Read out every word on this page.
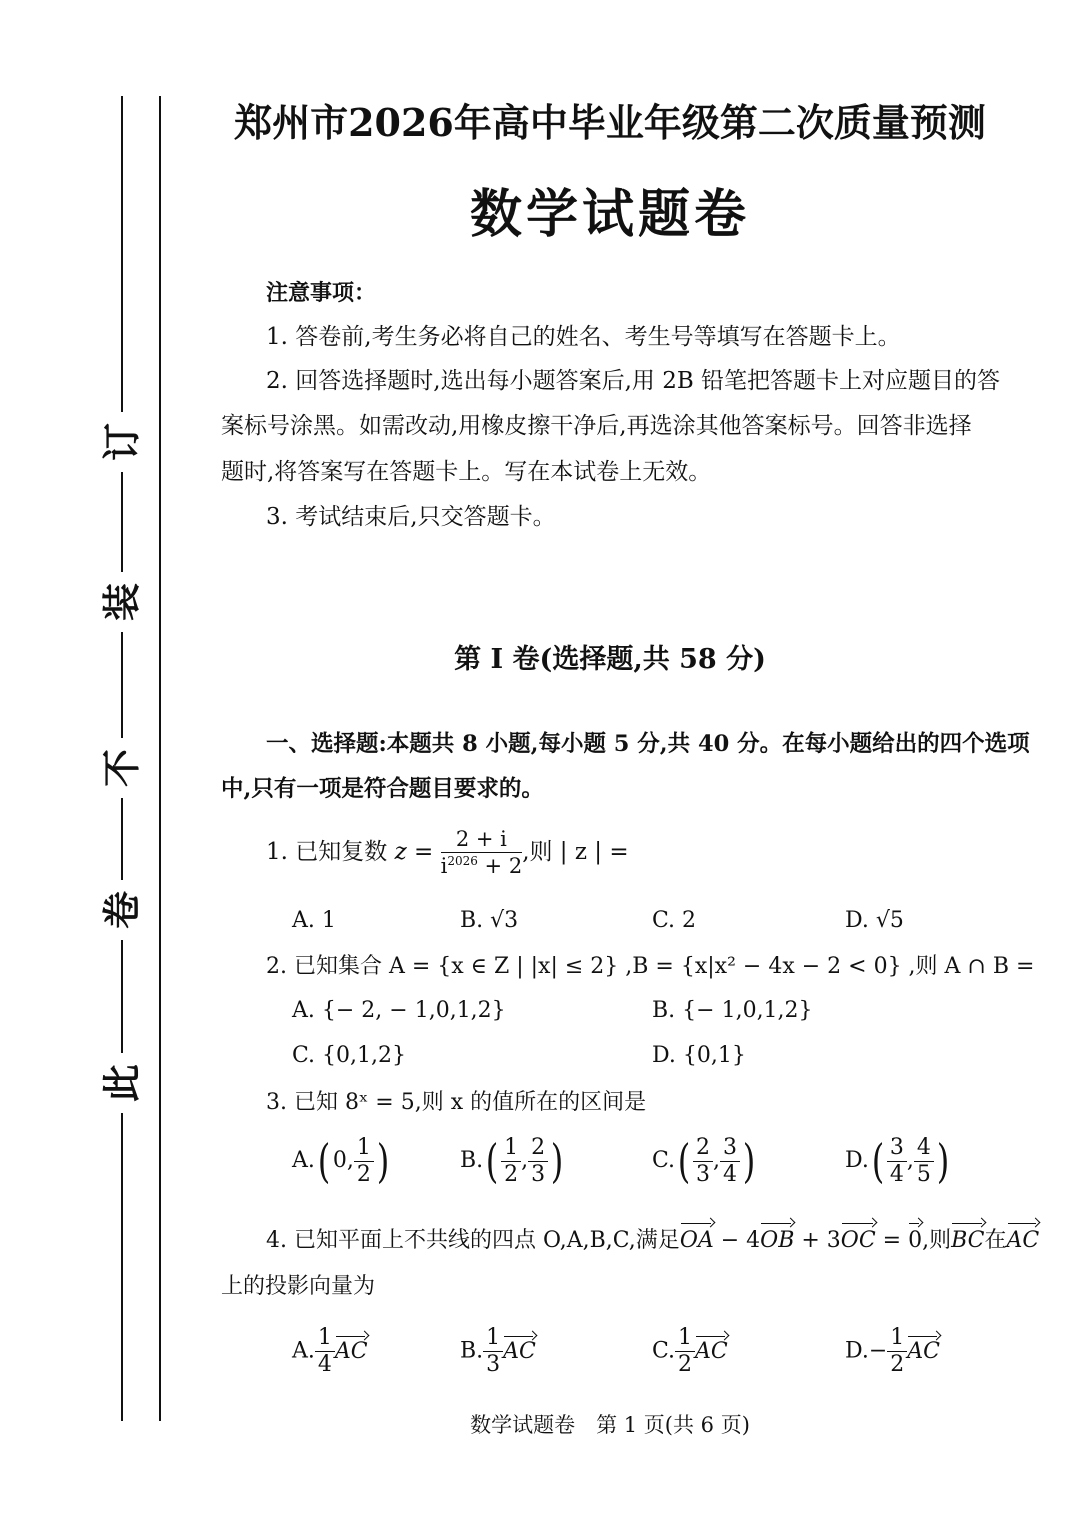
此
卷
不
装
订
郑州市2026年高中毕业年级第二次质量预测
数学试题卷
注意事项：
1. 答卷前,考生务必将自己的姓名、考生号等填写在答题卡上。
2. 回答选择题时,选出每小题答案后,用 2B 铅笔把答题卡上对应题目的答
案标号涂黑。如需改动,用橡皮擦干净后,再选涂其他答案标号。回答非选择
题时,将答案写在答题卡上。写在本试卷上无效。
3. 考试结束后,只交答题卡。
第 Ⅰ 卷(选择题,共 58 分)
一、选择题:本题共 8 小题,每小题 5 分,共 40 分。在每小题给出的四个选项
中,只有一项是符合题目要求的。
1. 已知复数 $z = \frac{2 + i}{i^{2026} + 2}$ ,则 | z | =
A. 1	B. √3	C. 2	D. √5
2. 已知集合 A = {x ∈ Z | |x| ≤ 2} ,B = {x|x² − 4x − 2 < 0} ,则 A ∩ B =
A. {− 2, − 1,0,1,2}	B. {− 1,0,1,2}
C. {0,1,2}	D. {0,1}
3. 已知 8ˣ = 5,则 x 的值所在的区间是
A.( 0, $\frac{1}{2}$ )	$B.( \frac{1}{2}$ , $\frac{2}{3}$ )	$C.( \frac{2}{3}$ , $\frac{3}{4}$ )	$D.( \frac{3}{4}$ , $\frac{4}{5}$ )
4. 已知平面上不共线的四点 O,A,B,C,满足OA − 4OB + 3OC = 0,则BC在AC
上的投影向量为
A. $\frac{1}{4}$ AC	B. $\frac{1}{3}$ AC	C. $\frac{1}{2}$ AC	$D.- \frac{1}{2}$ AC
数学试题卷　第 1 页(共 6 页)
